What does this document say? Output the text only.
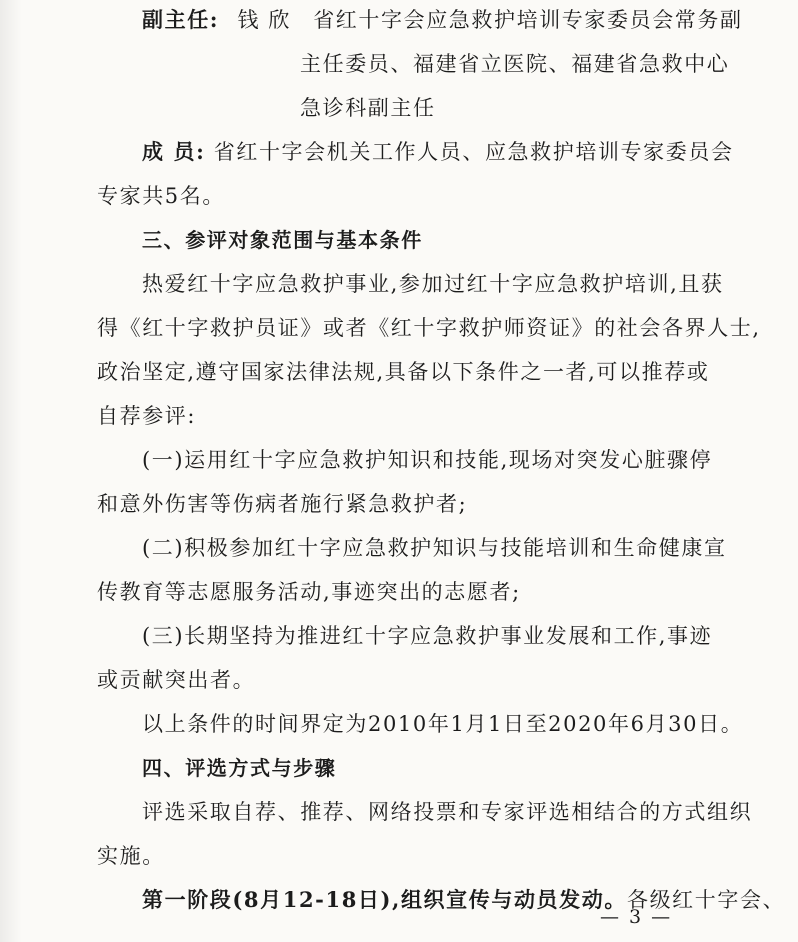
副主任: 钱 欣 省红十字会应急救护培训专家委员会常务副
主任委员、福建省立医院、福建省急救中心
急诊科副主任
成 员: 省红十字会机关工作人员、应急救护培训专家委员会
专家共5名。
三、参评对象范围与基本条件
热爱红十字应急救护事业,参加过红十字应急救护培训,且获
得《红十字救护员证》或者《红十字救护师资证》的社会各界人士,
政治坚定,遵守国家法律法规,具备以下条件之一者,可以推荐或
自荐参评:
(一)运用红十字应急救护知识和技能,现场对突发心脏骤停
和意外伤害等伤病者施行紧急救护者;
(二)积极参加红十字应急救护知识与技能培训和生命健康宣
传教育等志愿服务活动,事迹突出的志愿者;
(三)长期坚持为推进红十字应急救护事业发展和工作,事迹
或贡献突出者。
以上条件的时间界定为2010年1月1日至2020年6月30日。
四、评选方式与步骤
评选采取自荐、推荐、网络投票和专家评选相结合的方式组织
实施。
第一阶段(8月12-18日),组织宣传与动员发动。各级红十字会、
— 3 —
